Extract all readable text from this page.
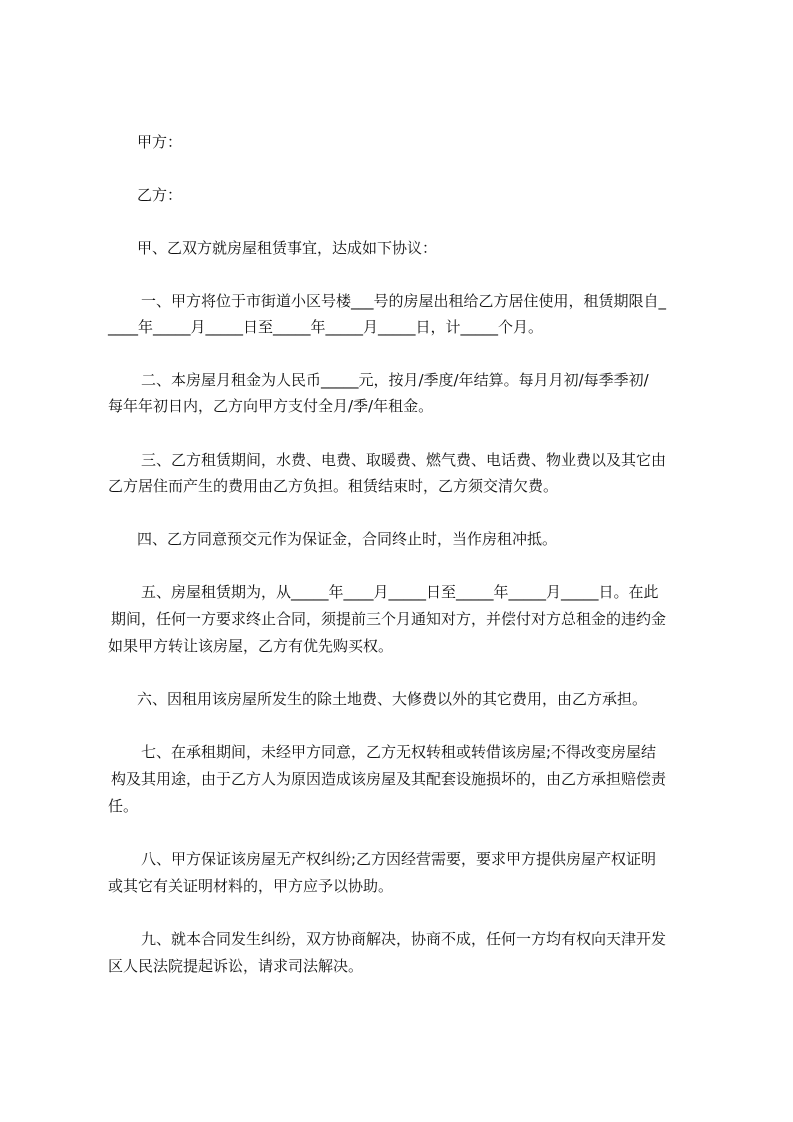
甲方：
乙方：
甲、乙双方就房屋租赁事宜，达成如下协议：
一、甲方将位于市街道小区号楼___号的房屋出租给乙方居住使用，租赁期限自_
____年_____月_____日至_____年_____月_____日，计_____个月。
二、本房屋月租金为人民币_____元，按月/季度/年结算。每月月初/每季季初/
每年年初日内，乙方向甲方支付全月/季/年租金。
三、乙方租赁期间，水费、电费、取暖费、燃气费、电话费、物业费以及其它由
乙方居住而产生的费用由乙方负担。租赁结束时，乙方须交清欠费。
四、乙方同意预交元作为保证金，合同终止时，当作房租冲抵。
五、房屋租赁期为，从_____年____月_____日至_____年_____月_____日。在此
期间，任何一方要求终止合同，须提前三个月通知对方，并偿付对方总租金的违约金
如果甲方转让该房屋，乙方有优先购买权。
六、因租用该房屋所发生的除土地费、大修费以外的其它费用，由乙方承担。
七、在承租期间，未经甲方同意，乙方无权转租或转借该房屋;不得改变房屋结
构及其用途，由于乙方人为原因造成该房屋及其配套设施损坏的，由乙方承担赔偿责
任。
八、甲方保证该房屋无产权纠纷;乙方因经营需要，要求甲方提供房屋产权证明
或其它有关证明材料的，甲方应予以协助。
九、就本合同发生纠纷，双方协商解决，协商不成，任何一方均有权向天津开发
区人民法院提起诉讼，请求司法解决。
